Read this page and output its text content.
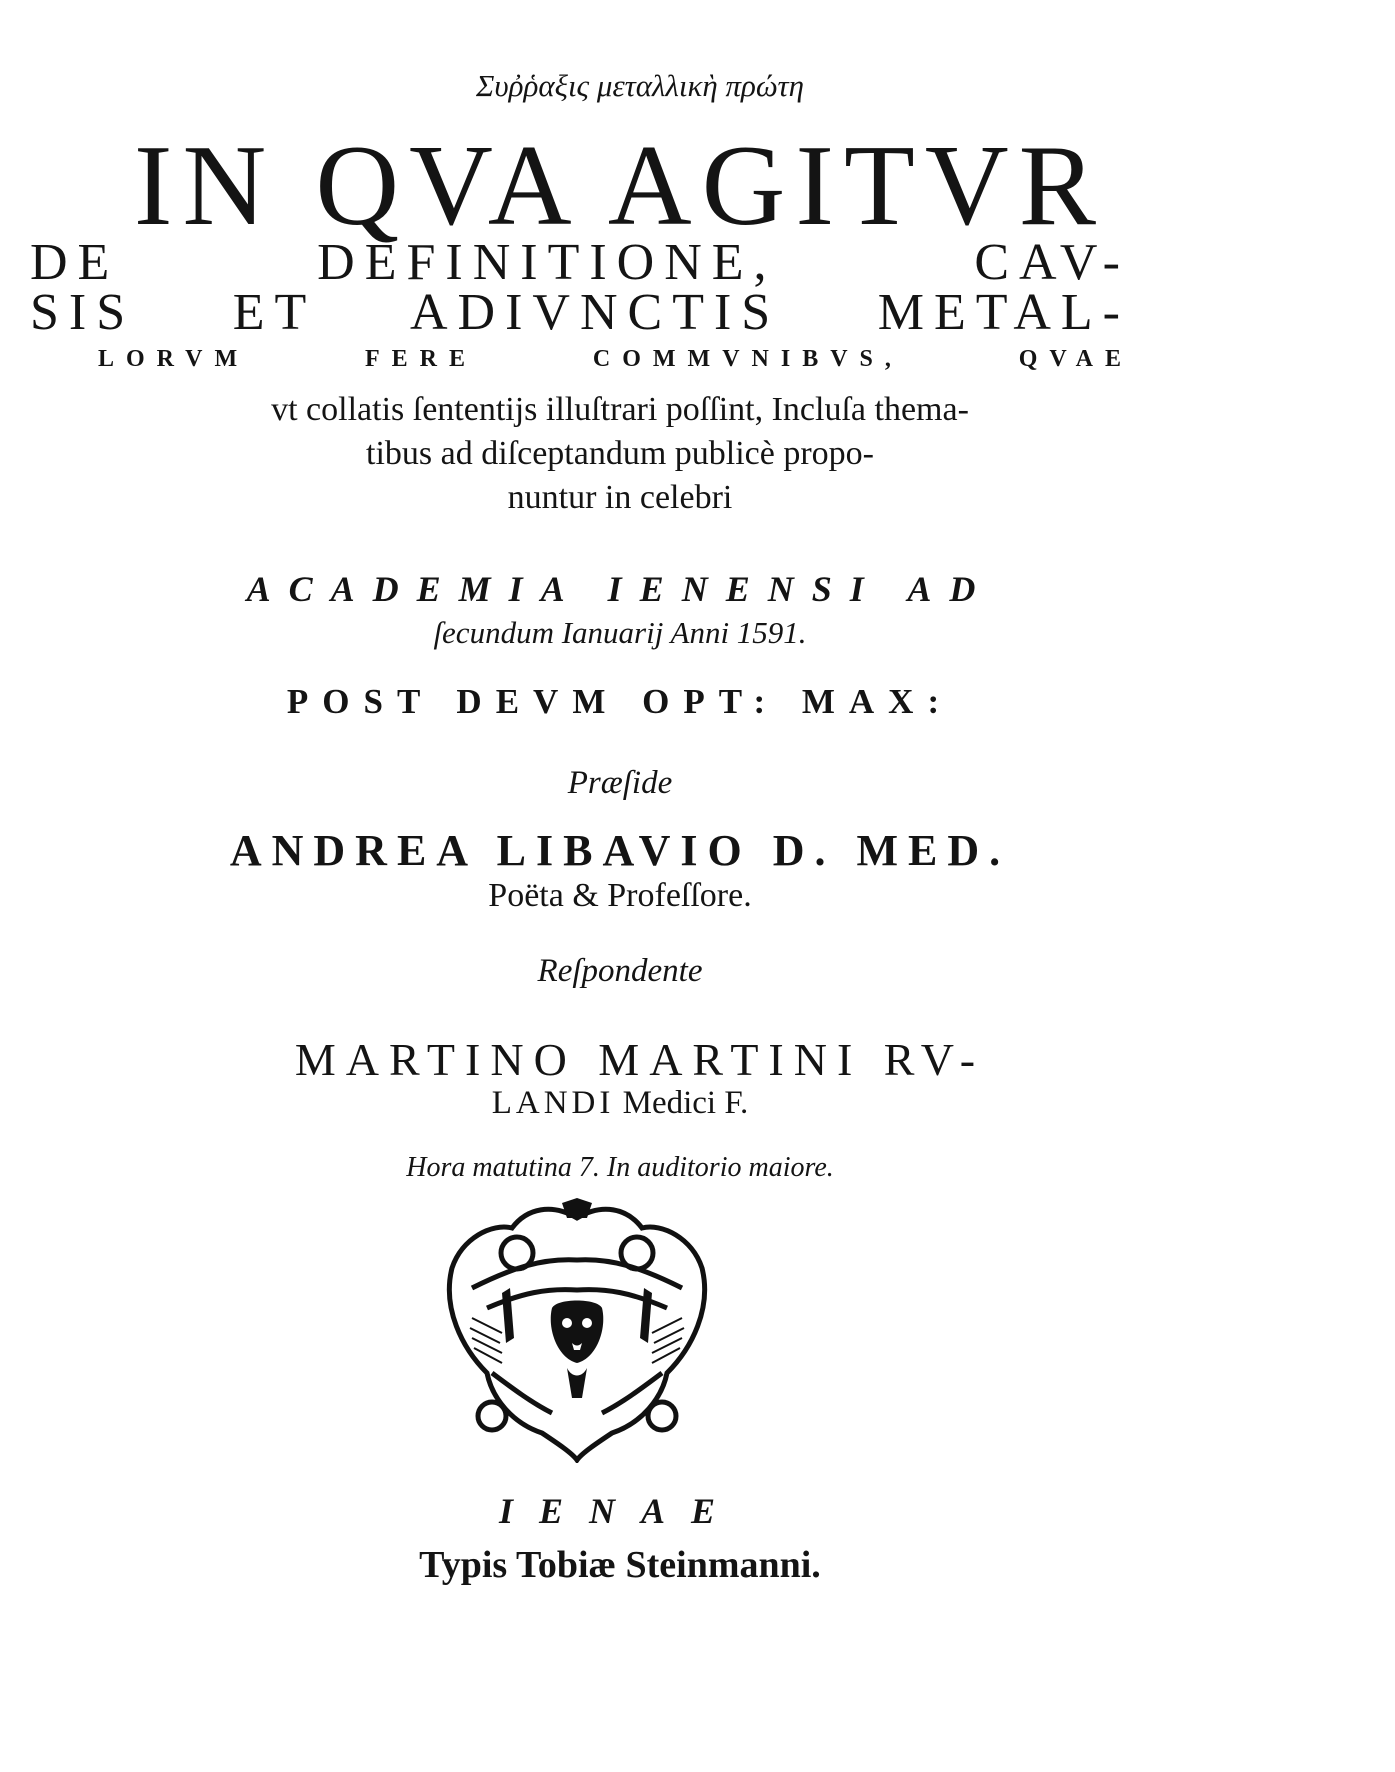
Συῤῥαξις μεταλλικὴ πρώτη
IN QVA AGITVR
DE DEFINITIONE, CAV-
SIS ET ADIVNCTIS METAL-
LORVM FERE COMMVNIBVS, QVAE
vt collatis ſententijs illuſtrari poſſint, Incluſa thema-
tibus ad diſceptandum publicè propo-
nuntur in celebri
ACADEMIA IENENSI AD
ſecundum Ianuarij Anni 1591.
POST DEVM OPT: MAX:
Præſide
ANDREA LIBAVIO D. MED.
Poëta & Profeſſore.
Reſpondente
MARTINO MARTINI RV-
LANDI Medici F.
Hora matutina 7. In auditorio maiore.
IENAE
Typis Tobiæ Steinmanni.
